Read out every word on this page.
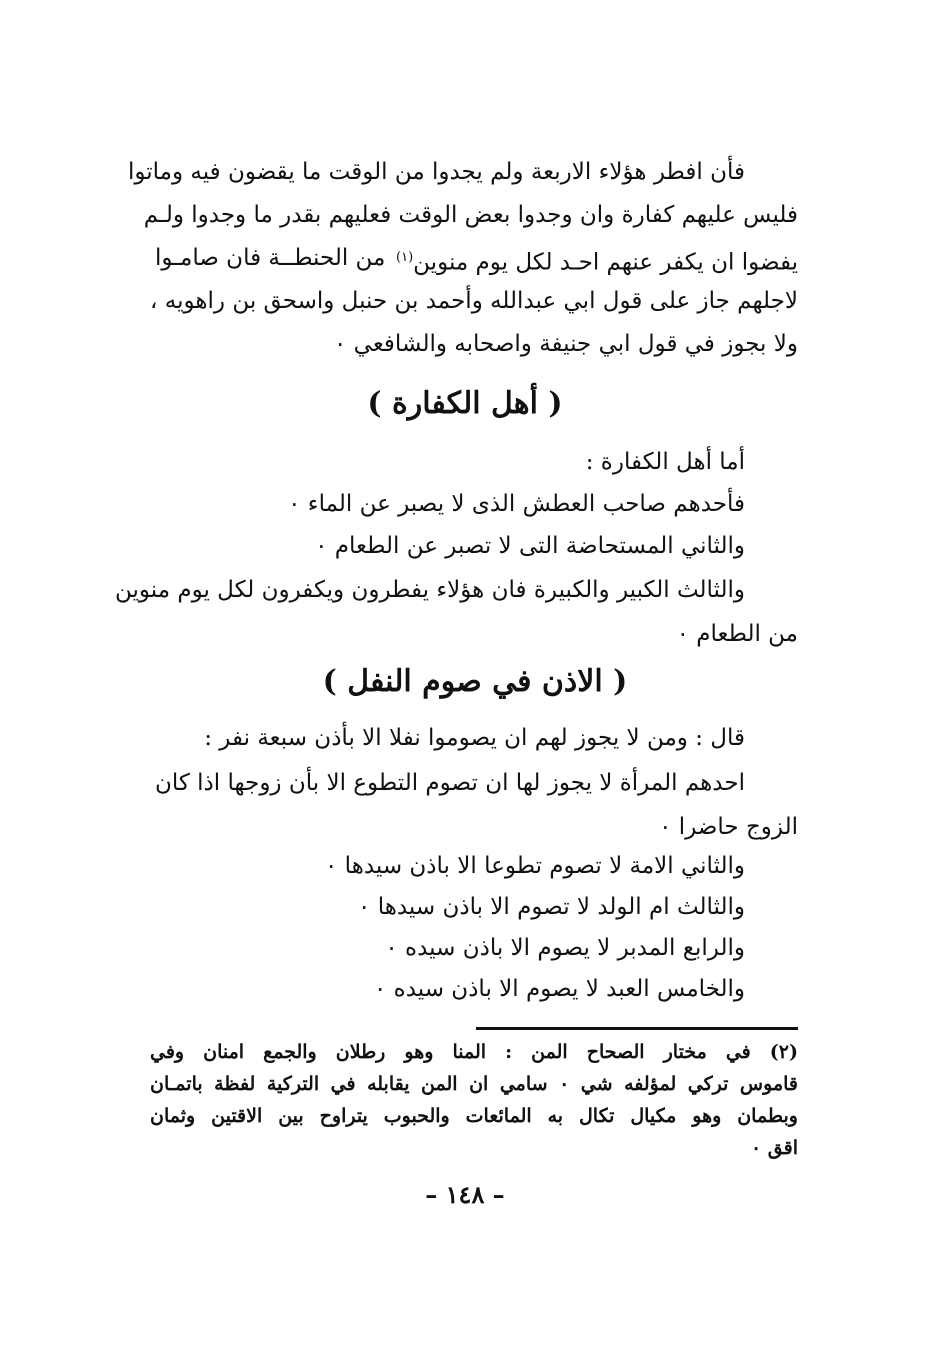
فأن افطر هؤلاء الاربعة ولم يجدوا من الوقت ما يقضون فيه وماتوا
فليس عليهم كفارة وان وجدوا بعض الوقت فعليهم بقدر ما وجدوا ولـم
يفضوا ان يكفر عنهم احـد لكل يوم منوين$^{(١)}$
من الحنطــة فان صامـوا
لاجلهم جاز على قول ابي عبدالله وأحمد بن حنبل واسحق بن راهويه ،
ولا بجوز في قول ابي جنيفة واصحابه والشافعي ٠
( أهل الكفارة )
أما أهل الكفارة :
فأحدهم صاحب العطش الذى لا يصبر عن الماء ٠
والثاني المستحاضة التى لا تصبر عن الطعام ٠
والثالث الكبير والكبيرة فان هؤلاء يفطرون ويكفرون لكل يوم منوين
من الطعام ٠
( الاذن في صوم النفل )
قال : ومن لا يجوز لهم ان يصوموا نفلا الا بأذن سبعة نفر :
احدهم المرأة لا يجوز لها ان تصوم التطوع الا بأن زوجها اذا كان
الزوج حاضرا ٠
والثاني الامة لا تصوم تطوعا الا باذن سيدها ٠
والثالث ام الولد لا تصوم الا باذن سيدها ٠
والرابع المدبر لا يصوم الا باذن سيده ٠
والخامس العبد لا يصوم الا باذن سيده ٠
(٢) في مختار الصحاح المن : المنا وهو رطلان والجمع امنان وفي
قاموس تركي لمؤلفه شي ٠ سامي ان المن يقابله في التركية لفظة باتمـان
وبطمان وهو مكيال تكال به المائعات والحبوب يتراوح بين الاقتين وثمان
اقق ٠
– ١٤٨ –
